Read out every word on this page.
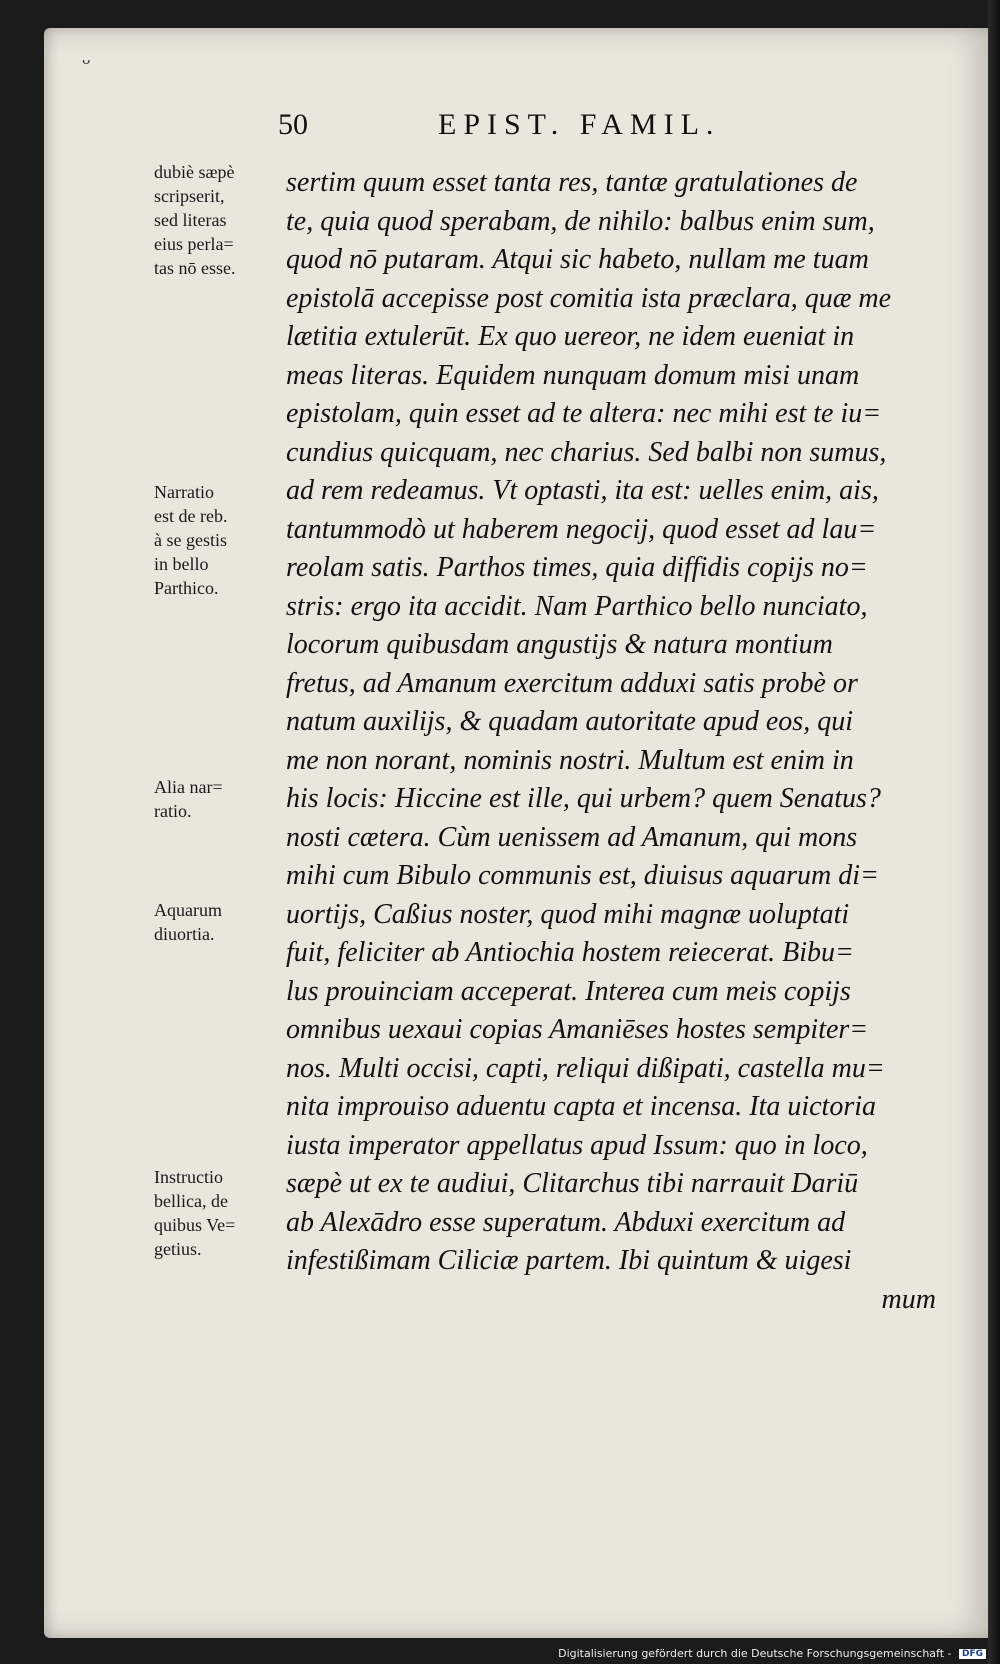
ᴗ
50	EPIST. FAMIL.
dubiè sæpè
scripserit,
sed literas
eius perla=
tas nō esse.
Narratio
est de reb.
à se gestis
in bello
Parthico.
Alia nar=
ratio.
Aquarum
diuortia.
Instructio
bellica, de
quibus Ve=
getius.
sertim quum esset tanta res, tantæ gratulationes de
te, quia quod sperabam, de nihilo: balbus enim sum,
quod nō putaram. Atqui sic habeto, nullam me tuam
epistolā accepisse post comitia ista præclara, quæ me
lætitia extulerūt. Ex quo uereor, ne idem eueniat in
meas literas. Equidem nunquam domum misi unam
epistolam, quin esset ad te altera: nec mihi est te iu=
cundius quicquam, nec charius. Sed balbi non sumus,
ad rem redeamus. Vt optasti, ita est: uelles enim, ais,
tantummodò ut haberem negocij, quod esset ad lau=
reolam satis. Parthos times, quia diffidis copijs no=
stris: ergo ita accidit. Nam Parthico bello nunciato,
locorum quibusdam angustijs & natura montium
fretus, ad Amanum exercitum adduxi satis probè or
natum auxilijs, & quadam autoritate apud eos, qui
me non norant, nominis nostri. Multum est enim in
his locis: Hiccine est ille, qui urbem? quem Senatus?
nosti cætera. Cùm uenissem ad Amanum, qui mons
mihi cum Bibulo communis est, diuisus aquarum di=
uortijs, Caßius noster, quod mihi magnæ uoluptati
fuit, feliciter ab Antiochia hostem reiecerat. Bibu=
lus prouinciam acceperat. Interea cum meis copijs
omnibus uexaui copias Amaniēses hostes sempiter=
nos. Multi occisi, capti, reliqui dißipati, castella mu=
nita improuiso aduentu capta et incensa. Ita uictoria
iusta imperator appellatus apud Issum: quo in loco,
sæpè ut ex te audiui, Clitarchus tibi narrauit Dariū
ab Alexādro esse superatum. Abduxi exercitum ad
infestißimam Ciliciæ partem. Ibi quintum & uigesi
mum
Digitalisierung gefördert durch die Deutsche Forschungsgemeinschaft - DFG
